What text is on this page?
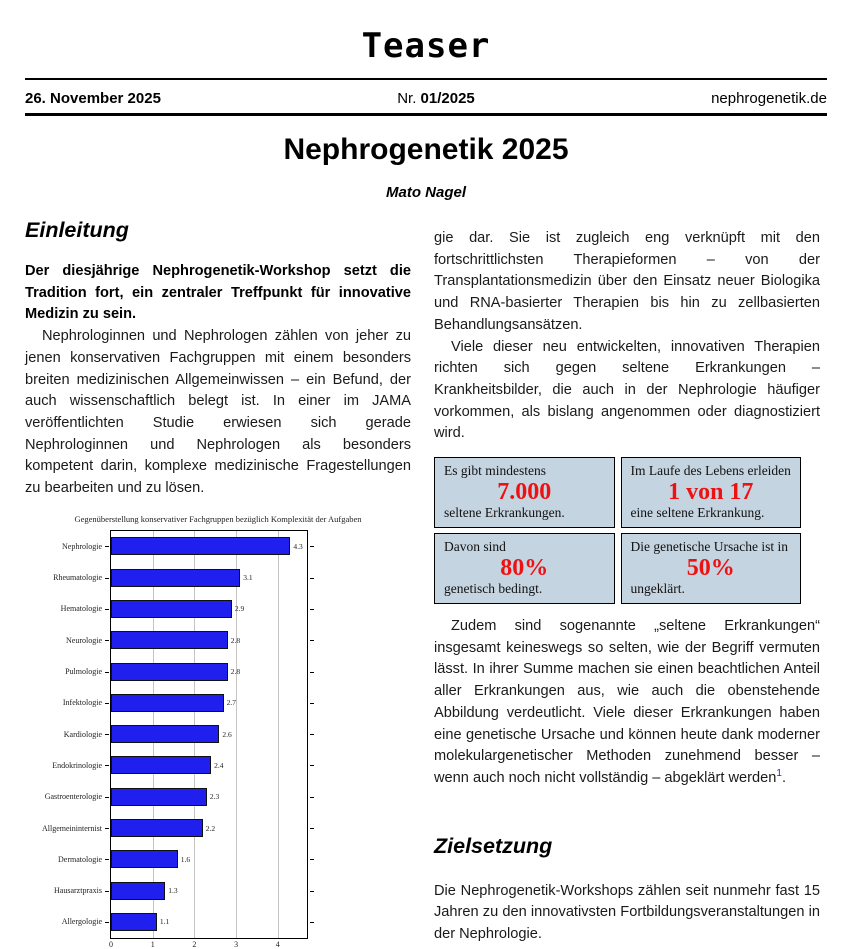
Teaser
26. November 2025	Nr. 01/2025	nephrogenetik.de
Nephrogenetik 2025
Mato Nagel
Einleitung

Der diesjährige Nephrogenetik-Workshop setzt die Tradition fort, ein zentraler Treffpunkt für innovative Medizin zu sein.

Nephrologinnen und Nephrologen zählen von jeher zu jenen konservativen Fachgruppen mit einem besonders breiten medizinischen Allgemeinwissen – ein Befund, der auch wissenschaftlich belegt ist. In einer im JAMA veröffentlichten Studie erwiesen sich gerade Nephrologinnen und Nephrologen als besonders kompetent darin, komplexe medizinische Fragestellungen zu bearbeiten und zu lösen.

Gegenüberstellung konservativer Fachgruppen bezüglich Komplexität der Aufgaben
0	1	2	3	4
Nephrologie	4.3
Rheumatologie	3.1
Hematologie	2.9
Neurologie	2.8
Pulmologie	2.8
Infektologie	2.7
Kardiologie	2.6
Endokrinologie	2.4
Gastroenterologie	2.3
Allgemeininternist	2.2
Dermatologie	1.6
Hausarztpraxis	1.3
Allergologie	1.1

gie dar. Sie ist zugleich eng verknüpft mit den fortschrittlichsten Therapieformen – von der Transplantationsmedizin über den Einsatz neuer Biologika und RNA-basierter Therapien bis hin zu zellbasierten Behandlungsansätzen.

Viele dieser neu entwickelten, innovativen Therapien richten sich gegen seltene Erkrankungen – Krankheitsbilder, die auch in der Nephrologie häufiger vorkommen, als bislang angenommen oder diagnostiziert wird.

Es gibt mindestens
7.000
seltene Erkrankungen.
Im Laufe des Lebens erleiden
1 von 17
eine seltene Erkrankung.
Davon sind
80%
genetisch bedingt.
Die genetische Ursache ist in
50%
ungeklärt.

Zudem sind sogenannte „seltene Erkrankungen“ insgesamt keineswegs so selten, wie der Begriff vermuten lässt. In ihrer Summe machen sie einen beachtlichen Anteil aller Erkrankungen aus, wie auch die obenstehende Abbildung verdeutlicht. Viele dieser Erkrankungen haben eine genetische Ursache und können heute dank moderner molekulargenetischer Methoden zunehmend besser – wenn auch noch nicht vollständig – abgeklärt werden$^1$.

Zielsetzung

Die Nephrogenetik-Workshops zählen seit nunmehr fast 15 Jahren zu den innovativsten Fortbildungsveranstaltungen in der Nephrologie.
